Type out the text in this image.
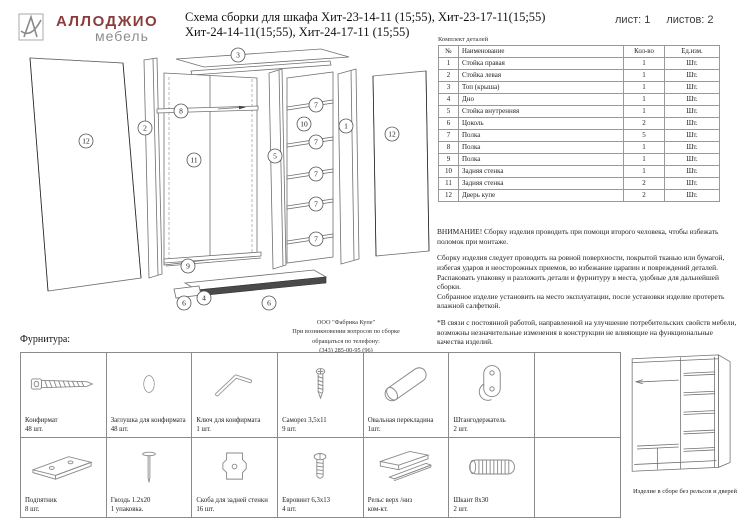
АЛЛОДЖИО
мебель
Схема сборки для шкафа Хит-23-14-11 (15;55), Хит-23-17-11(15;55)
Хит-24-14-11(15;55), Хит-24-17-11 (15;55)
лист: 1 листов: 2
Комплект деталей
№	Наименование	Кол-во	Ед.изм.
1	Стойка правая	1	Шт.
2	Стойка левая	1	Шт.
3	Топ (крыша)	1	Шт.
4	Дно	1	Шт.
5	Стойка внутренняя	1	Шт.
6	Цоколь	2	Шт.
7	Полка	5	Шт.
8	Полка	1	Шт.
9	Полка	1	Шт.
10	Задняя стенка	1	Шт.
11	Задняя стенка	2	Шт.
12	Дверь купе	2	Шт.
ВНИМАНИЕ! Сборку изделия проводить при помощи второго человека, чтобы избежать поломок при монтаже.
Сборку изделия следует проводить на ровной поверхности, покрытой тканью или бумагой, избегая ударов и неосторожных приемов, во избежание царапин и повреждений деталей.
Распаковать упаковку и разложить детали и фурнитуру в места, удобные для дальнейшей сборки.
Собранное изделие установить на место эксплуатации, после установки изделие протереть влажной салфеткой.
*В связи с постоянной работой, направленной на улучшение потребительских свойств мебели, возможны незначительные изменения в конструкции не влияющие на функциональные качества изделий.
3
12
2
8
11	5
10
7
7
7
7
7
1
12
9
6
4
6
ООО "Фабрика Купе"
При возникновении вопросов по сборке
обращаться по телефону:
(343) 285-00-95 (96)
Фурнитура:
Конфирмат
48 шт.
Заглушка для конфирмата
48 шт.
Ключ для конфирмата
1 шт.
Саморез 3,5х11
9 шт.
Овальная перекладина
1шт.
Штангодержатель
2 шт.
Подпятник
8 шт.
Гвоздь 1.2х20
1 упаковка.
Скоба для задней стенки
16 шт.
Евровинт 6,3х13
4 шт.
Рельс верх /низ
ком-кт.
Шкант 8х30
2 шт.
Изделие в сборе без рельсов и дверей
